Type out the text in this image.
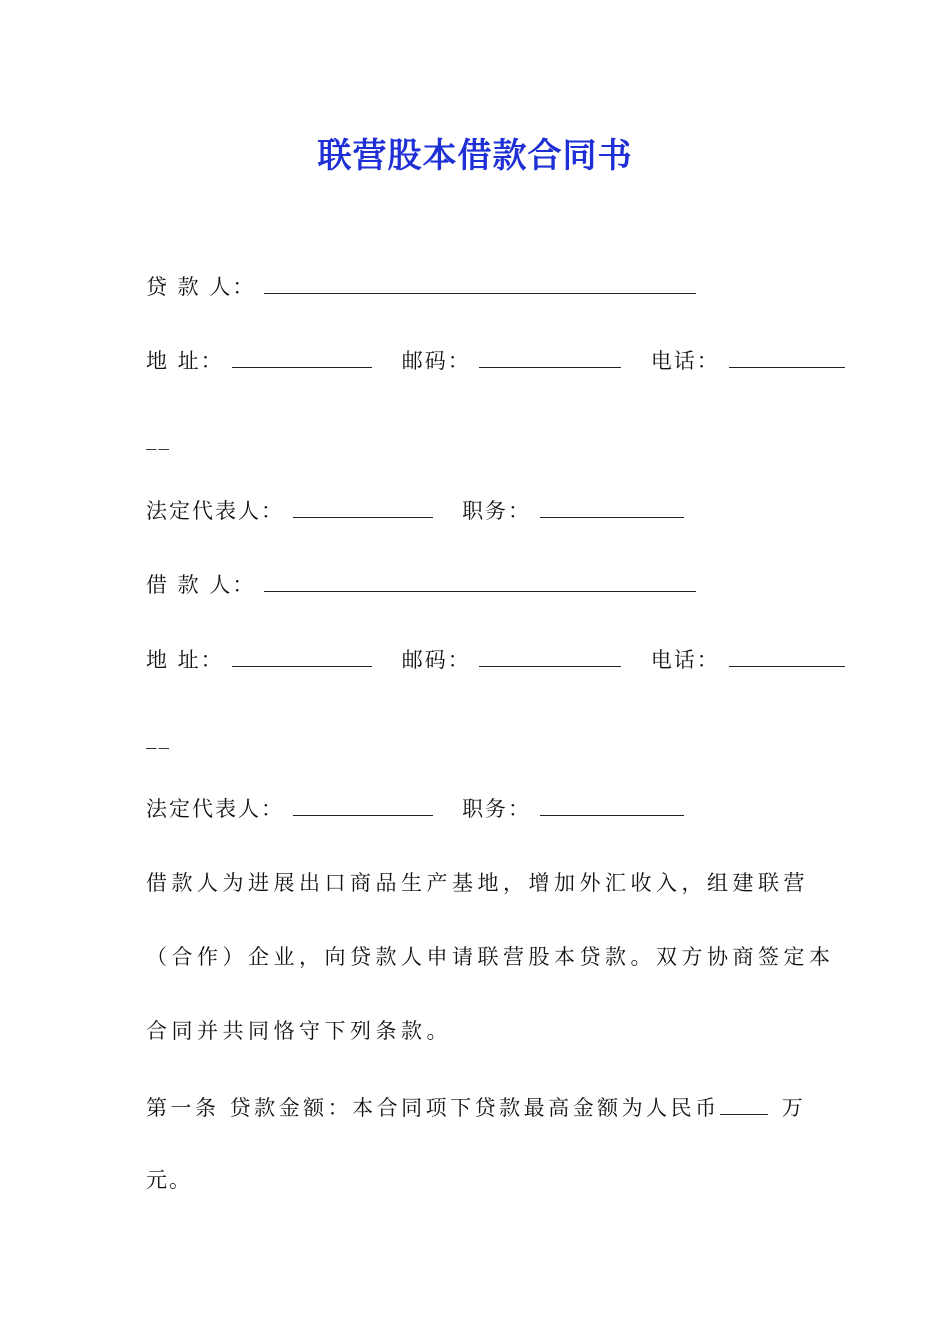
联营股本借款合同书
贷 款 人：
地 址：	邮码：	电话：
__
法定代表人：	职务：
借 款 人：
地 址：	邮码：	电话：
__
法定代表人：	职务：
借款人为进展出口商品生产基地，增加外汇收入，组建联营
（合作）企业，向贷款人申请联营股本贷款。双方协商签定本
合同并共同恪守下列条款。
第一条 贷款金额：本合同项下贷款最高金额为人民币	万
元。
